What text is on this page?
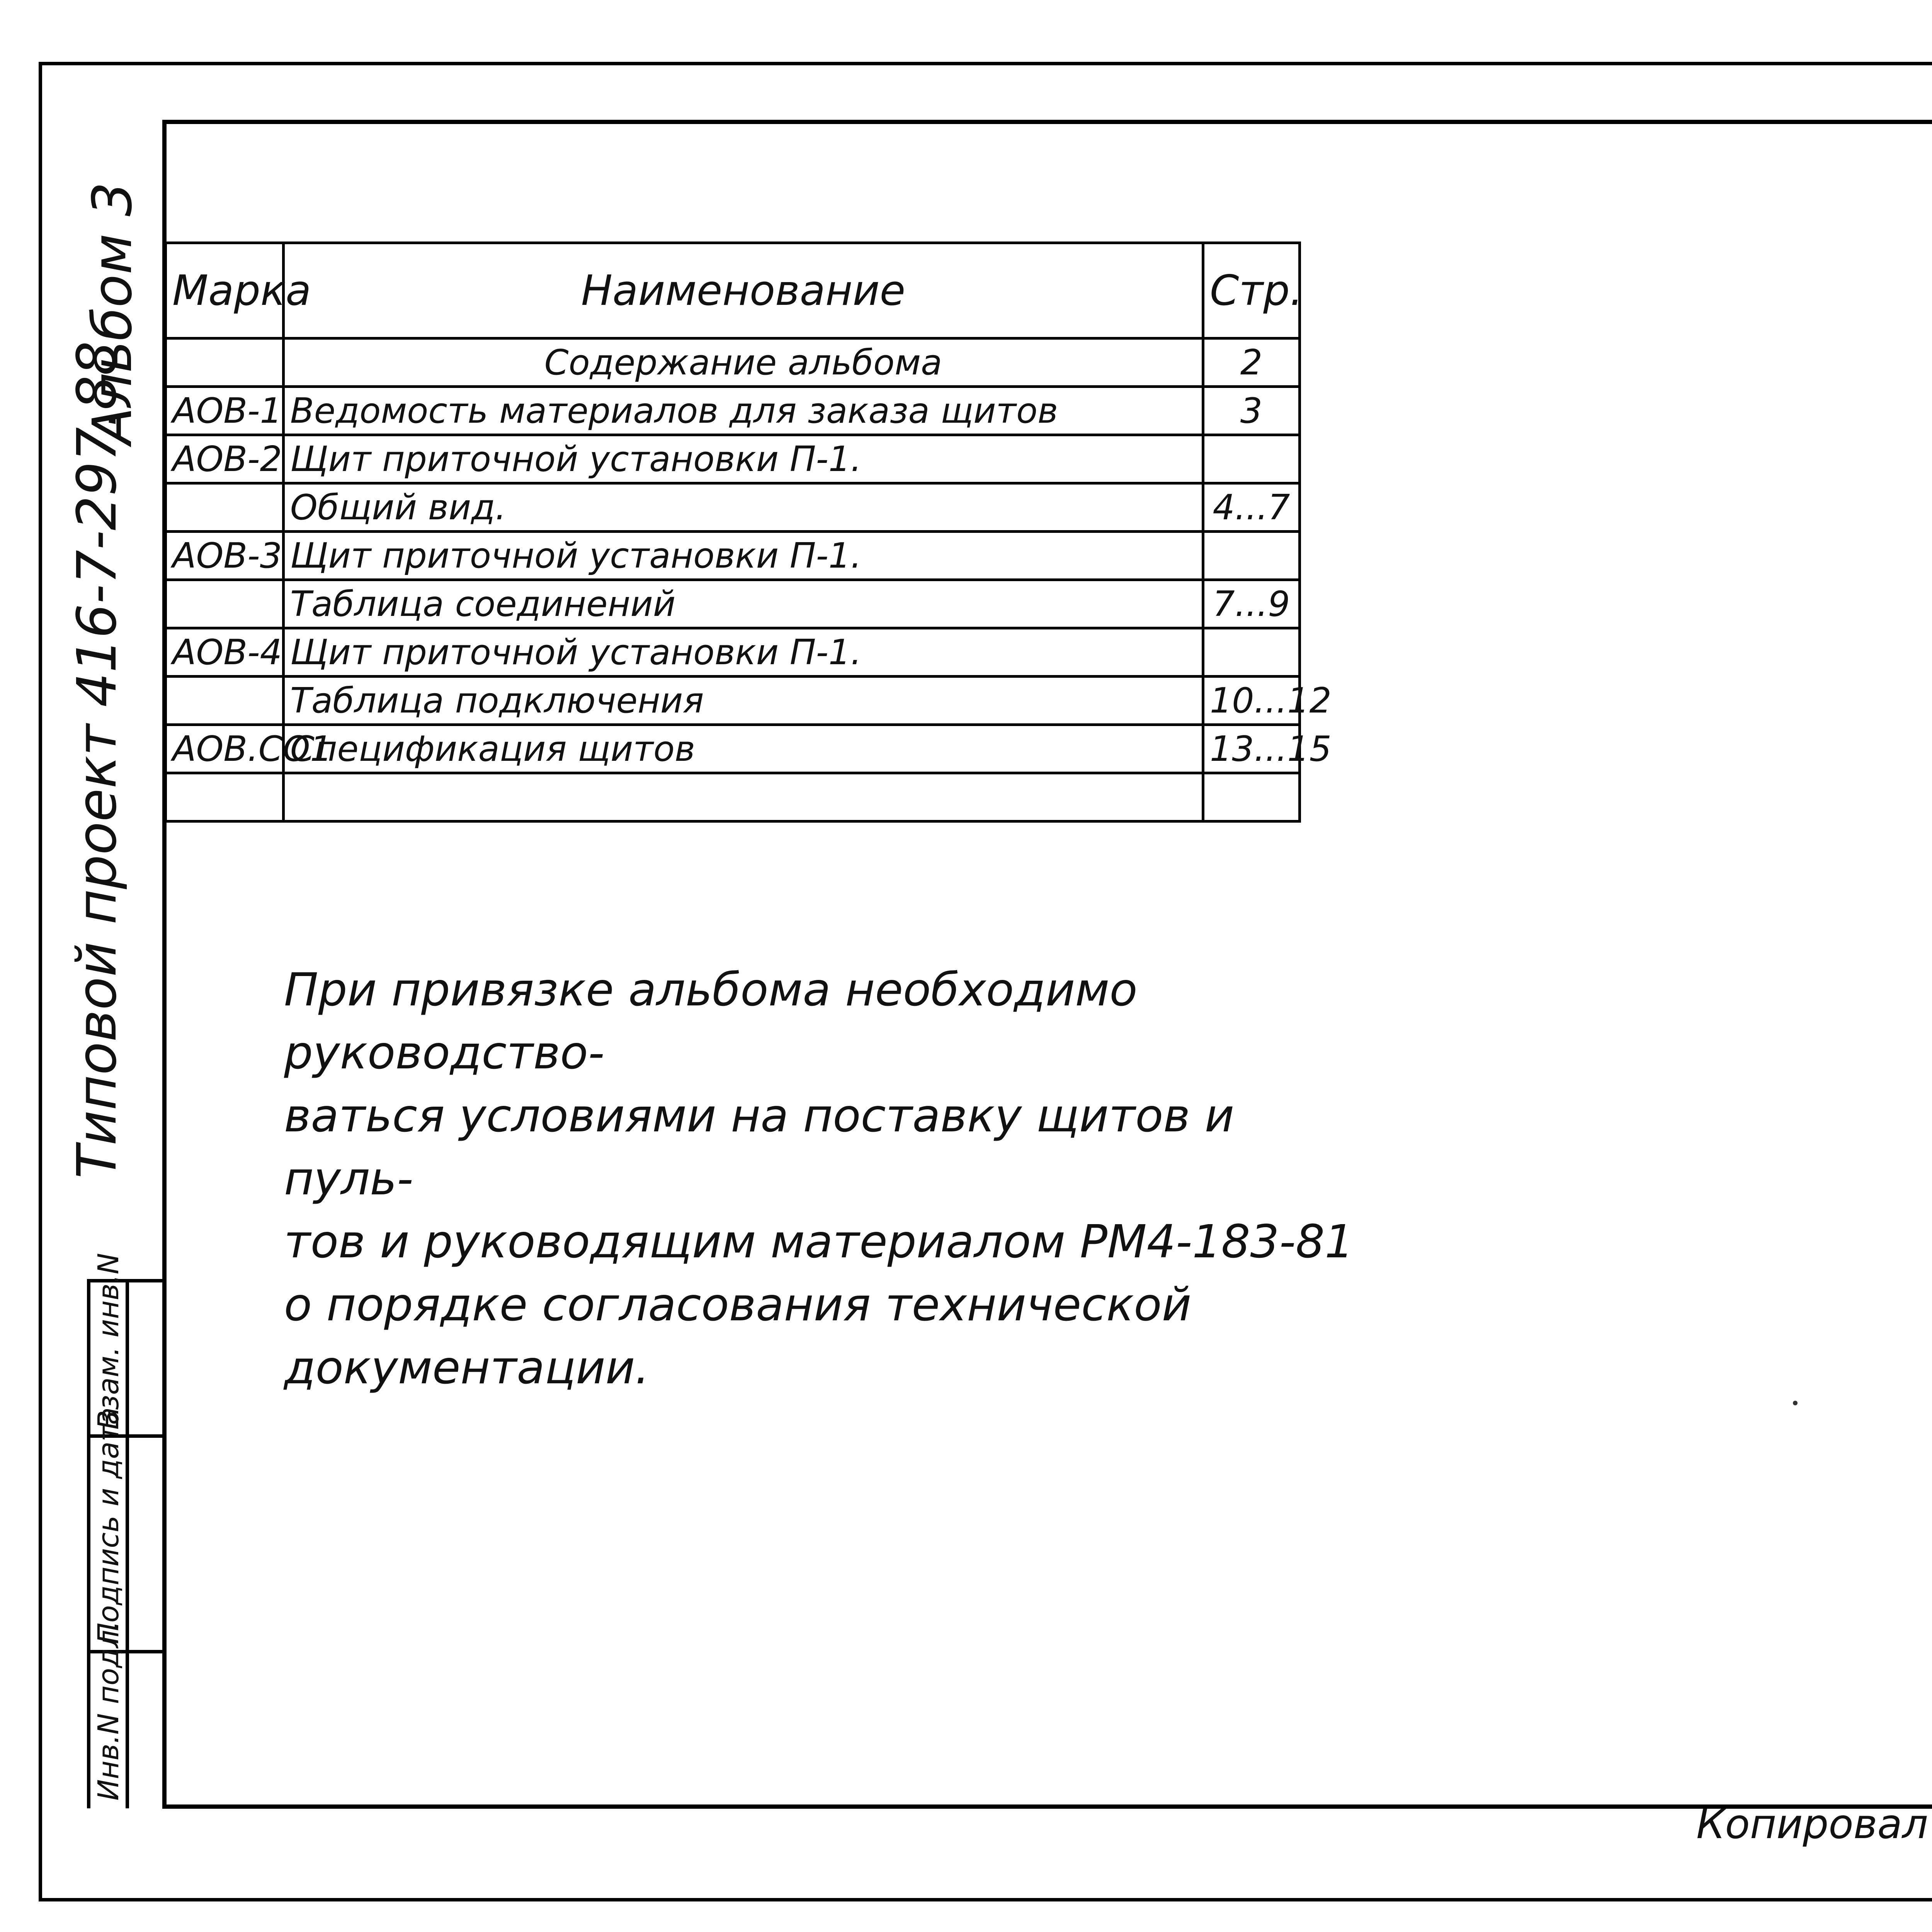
Альбом 3
Типовой проект 416-7-297.88
Инв.N подл.
Подпись и дата
Взам. инв.N
Марка	Наименование	Стр.
	Содержание альбома	2
АОВ-1	Ведомость материалов для заказа щитов	3
АОВ-2	Щит приточной установки П-1.	
	Общий вид.	4...7
АОВ-3	Щит приточной установки П-1.	
	Таблица соединений	7...9
АОВ-4	Щит приточной установки П-1.	
	Таблица подключения	10...12
АОВ.СО1	Спецификация щитов	13...15

При привязке альбома необходимо руководство-
ваться условиями на поставку щитов и пуль-
тов и руководящим материалом РМ4-183-81
о порядке согласования технической документации.
Копировал
